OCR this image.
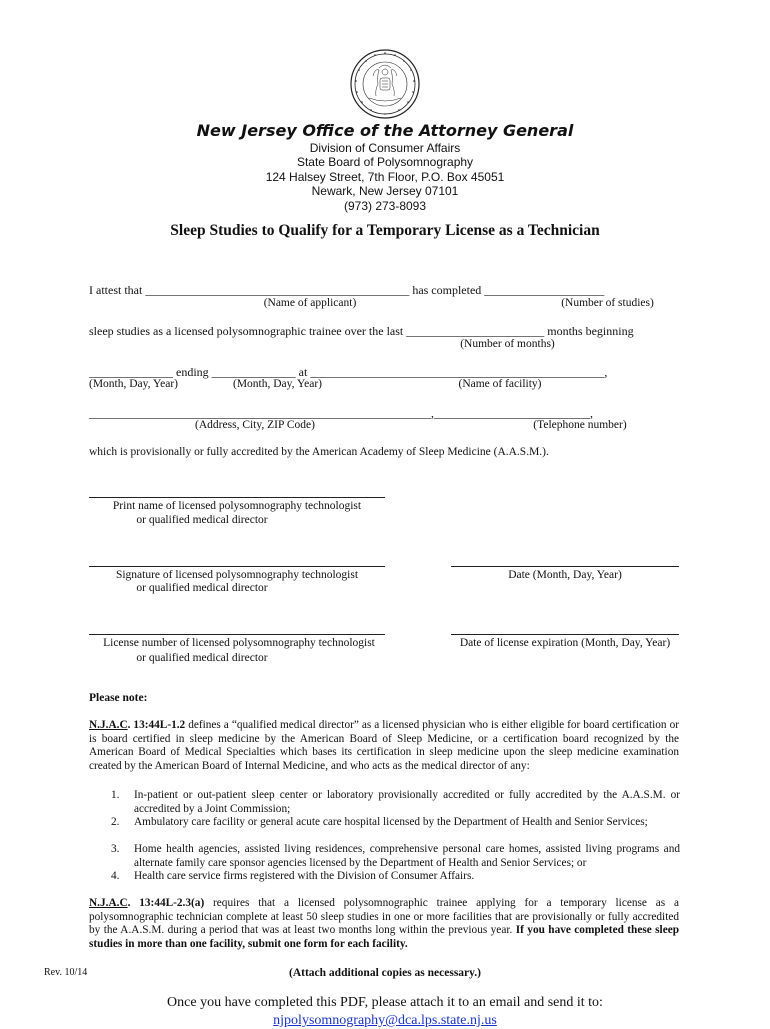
New Jersey Office of the Attorney General
Division of Consumer Affairs
State Board of Polysomnography
124 Halsey Street, 7th Floor, P.O. Box 45051
Newark, New Jersey 07101
(973) 273-8093
Sleep Studies to Qualify for a Temporary License as a Technician
I attest that ____________________________________________ has completed ____________________
(Name of applicant)	(Number of studies)
sleep studies as a licensed polysomnographic trainee over the last _______________________ months beginning
(Number of months)
______________ ending ______________ at _________________________________________________,
(Month, Day, Year)	(Month, Day, Year)	(Name of facility)
_________________________________________________________,__________________________,
(Address, City, ZIP Code)	(Telephone number)
which is provisionally or fully accredited by the American Academy of Sleep Medicine (A.A.S.M.).
Print name of licensed polysomnography technologist
or qualified medical director
Signature of licensed polysomnography technologist
or qualified medical director
Date (Month, Day, Year)
License number of licensed polysomnography technologist
or qualified medical director
Date of license expiration (Month, Day, Year)
Please note:
N.J.A.C. 13:44L-1.2 defines a “qualified medical director” as a licensed physician who is either eligible for board certification or is board certified in sleep medicine by the American Board of Sleep Medicine, or a certification board recognized by the American Board of Medical Specialties which bases its certification in sleep medicine upon the sleep medicine examination created by the American Board of Internal Medicine, and who acts as the medical director of any:
1.	In-patient or out-patient sleep center or laboratory provisionally accredited or fully accredited by the A.A.S.M. or accredited by a Joint Commission;
2.	Ambulatory care facility or general acute care hospital licensed by the Department of Health and Senior Services;
3.	Home health agencies, assisted living residences, comprehensive personal care homes, assisted living programs and alternate family care sponsor agencies licensed by the Department of Health and Senior Services; or
4.	Health care service firms registered with the Division of Consumer Affairs.
N.J.A.C. 13:44L-2.3(a) requires that a licensed polysomnographic trainee applying for a temporary license as a polysomnographic technician complete at least 50 sleep studies in one or more facilities that are provisionally or fully accredited by the A.A.S.M. during a period that was at least two months long within the previous year. If you have completed these sleep studies in more than one facility, submit one form for each facility.
Rev. 10/14	(Attach additional copies as necessary.)
Once you have completed this PDF, please attach it to an email and send it to:
njpolysomnography@dca.lps.state.nj.us
